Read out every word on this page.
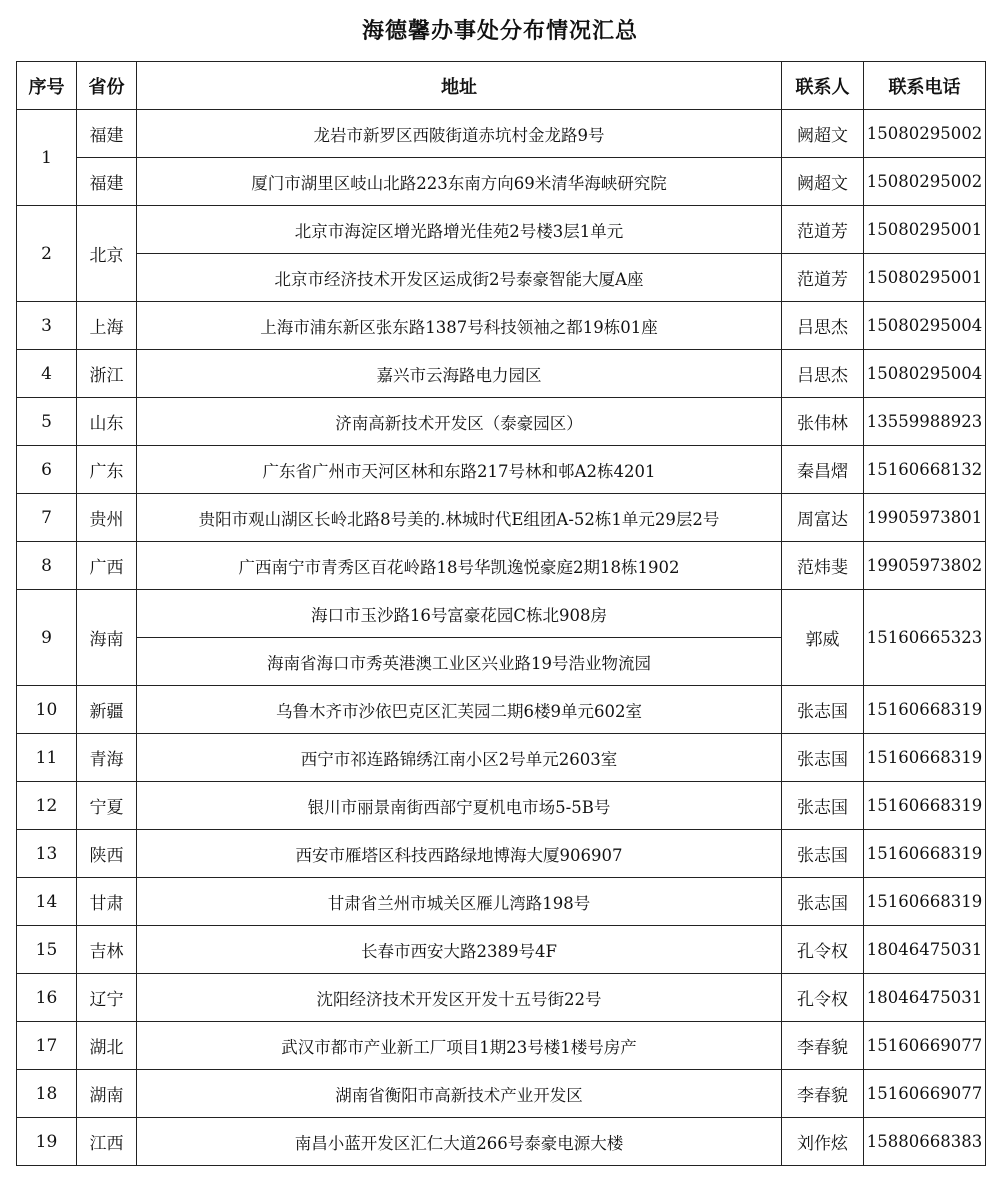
海德馨办事处分布情况汇总
序号	省份	地址	联系人	联系电话
1	福建	龙岩市新罗区西陂街道赤坑村金龙路9号	阙超文	15080295002
	福建	厦门市湖里区岐山北路223东南方向69米清华海峡研究院	阙超文	15080295002
2	北京	北京市海淀区增光路增光佳苑2号楼3层1单元	范道芳	15080295001
		北京市经济技术开发区运成街2号泰豪智能大厦A座	范道芳	15080295001
3	上海	上海市浦东新区张东路1387号科技领袖之都19栋01座	吕思杰	15080295004
4	浙江	嘉兴市云海路电力园区	吕思杰	15080295004
5	山东	济南高新技术开发区（泰豪园区）	张伟林	13559988923
6	广东	广东省广州市天河区林和东路217号林和邨A2栋4201	秦昌熠	15160668132
7	贵州	贵阳市观山湖区长岭北路8号美的.林城时代E组团A-52栋1单元29层2号	周富达	19905973801
8	广西	广西南宁市青秀区百花岭路18号华凯逸悦豪庭2期18栋1902	范炜斐	19905973802
9	海南	海口市玉沙路16号富豪花园C栋北908房	郭威	15160665323
		海南省海口市秀英港澳工业区兴业路19号浩业物流园		
10	新疆	乌鲁木齐市沙依巴克区汇芙园二期6楼9单元602室	张志国	15160668319
11	青海	西宁市祁连路锦绣江南小区2号单元2603室	张志国	15160668319
12	宁夏	银川市丽景南街西部宁夏机电市场5-5B号	张志国	15160668319
13	陕西	西安市雁塔区科技西路绿地博海大厦906907	张志国	15160668319
14	甘肃	甘肃省兰州市城关区雁儿湾路198号	张志国	15160668319
15	吉林	长春市西安大路2389号4F	孔令权	18046475031
16	辽宁	沈阳经济技术开发区开发十五号街22号	孔令权	18046475031
17	湖北	武汉市都市产业新工厂项目1期23号楼1楼号房产	李春貌	15160669077
18	湖南	湖南省衡阳市高新技术产业开发区	李春貌	15160669077
19	江西	南昌小蓝开发区汇仁大道266号泰豪电源大楼	刘作炫	15880668383
